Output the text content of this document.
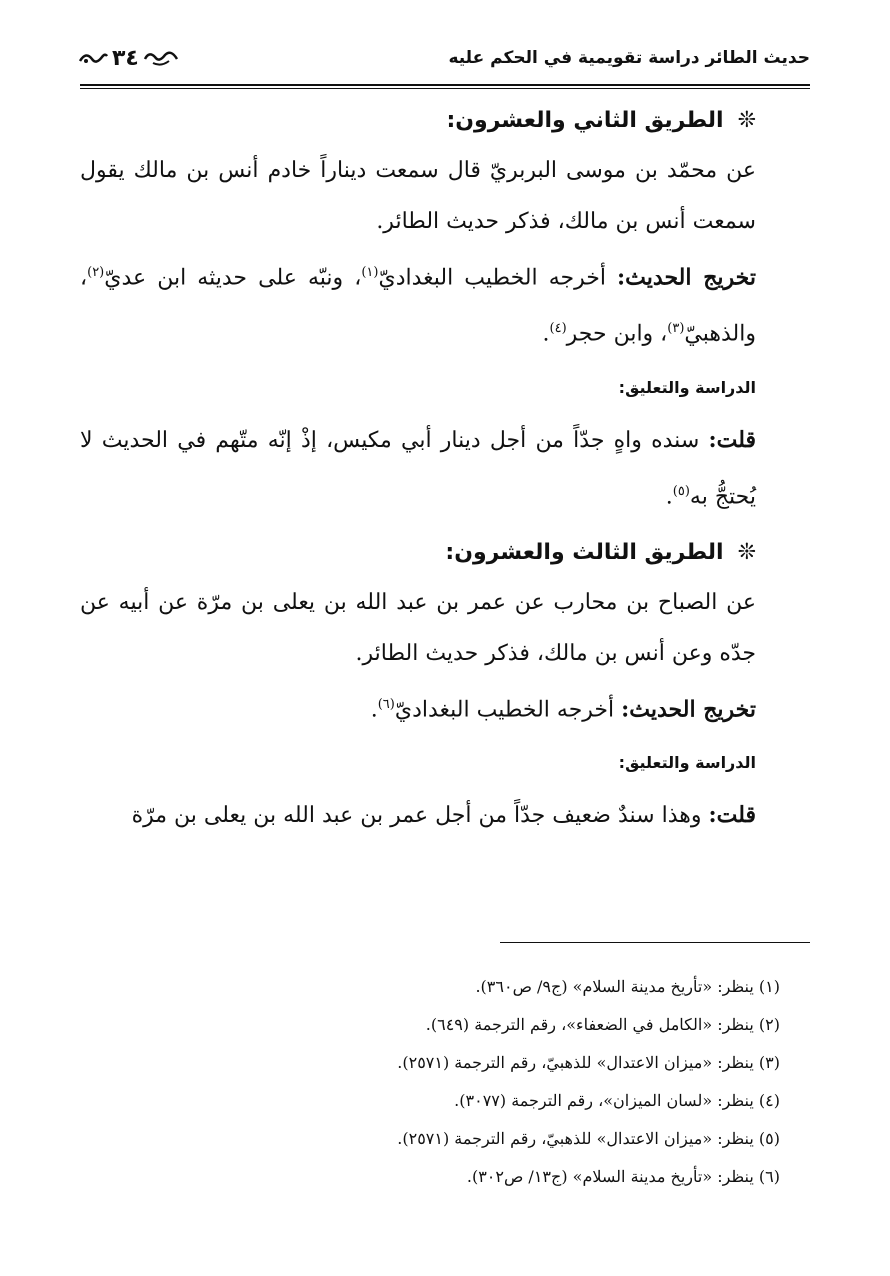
حديث الطائر دراسة تقويمية في الحكم عليه
٣٤
❊
الطريق الثاني والعشرون:

عن محمّد بن موسى البربريّ قال سمعت ديناراً خادم أنس بن مالك يقول سمعت أنس بن مالك، فذكر حديث الطائر.

تخريج الحديث: أخرجه الخطيب البغداديّ$^{(١)}$، ونبّه على حديثه ابن عديّ$^{(٢)}$، والذهبيّ$^{(٣)}$، وابن حجر$^{(٤)}$.

الدراسة والتعليق:

قلت: سنده واهٍ جدّاً من أجل دينار أبي مكيس، إذْ إنّه متّهم في الحديث لا يُحتجُّ به$^{(٥)}$.

❊
الطريق الثالث والعشرون:

عن الصباح بن محارب عن عمر بن عبد الله بن يعلى بن مرّة عن أبيه عن جدّه وعن أنس بن مالك، فذكر حديث الطائر.

تخريج الحديث: أخرجه الخطيب البغداديّ$^{(٦)}$.

الدراسة والتعليق:

قلت: وهذا سندٌ ضعيف جدّاً من أجل عمر بن عبد الله بن يعلى بن مرّة

(١) ينظر: «تأريخ مدينة السلام» (ج٩/ ص٣٦٠).

(٢) ينظر: «الكامل في الضعفاء»، رقم الترجمة (٦٤٩).

(٣) ينظر: «ميزان الاعتدال» للذهبيّ، رقم الترجمة (٢٥٧١).

(٤) ينظر: «لسان الميزان»، رقم الترجمة (٣٠٧٧).

(٥) ينظر: «ميزان الاعتدال» للذهبيّ، رقم الترجمة (٢٥٧١).

(٦) ينظر: «تأريخ مدينة السلام» (ج١٣/ ص٣٠٢).
